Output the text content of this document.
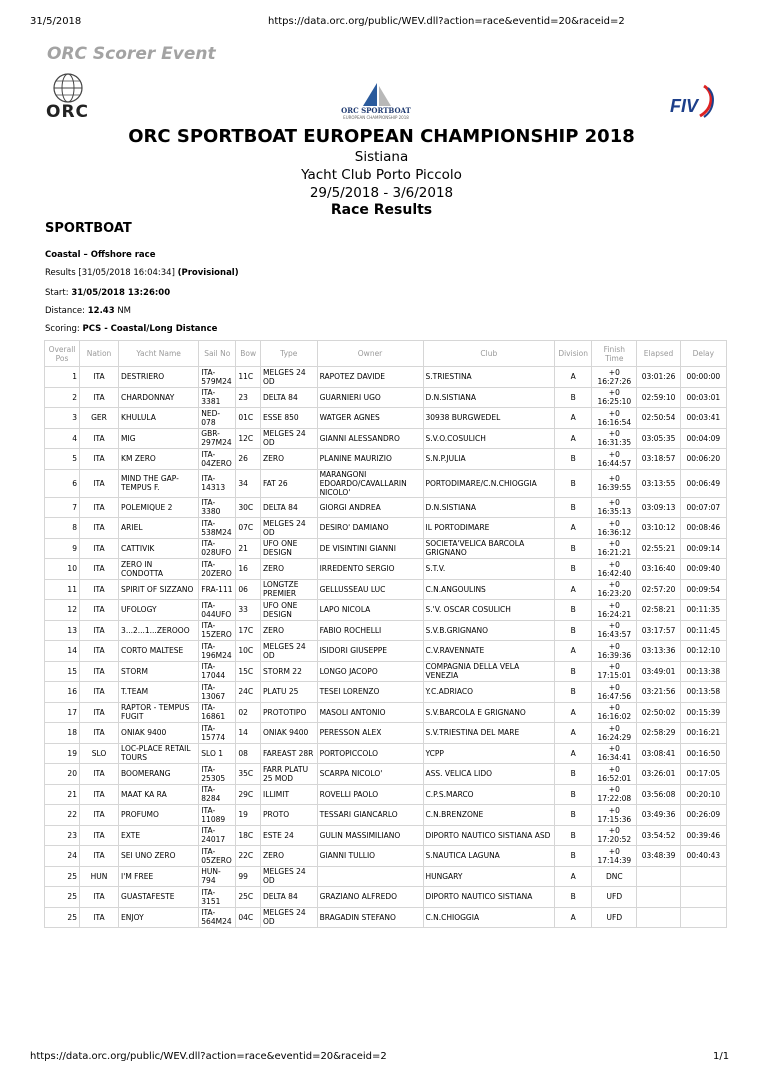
31/5/2018	https://data.orc.org/public/WEV.dll?action=race&eventid=20&raceid=2
ORC Scorer Event
ORC	ORC SPORTBOAT
EUROPEAN CHAMPIONSHIP 2018
FIV
ORC SPORTBOAT EUROPEAN CHAMPIONSHIP 2018
Sistiana
Yacht Club Porto Piccolo
29/5/2018 - 3/6/2018
Race Results
SPORTBOAT
Coastal – Offshore race
Results [31/05/2018 16:04:34] (Provisional)
Start: 31/05/2018 13:26:00
Distance: 12.43 NM
Scoring: PCS - Coastal/Long Distance
Overall Pos	Nation	Yacht Name	Sail No	Bow	Type	Owner	Club	Division	Finish Time	Elapsed	Delay
1	ITA	DESTRIERO	ITA-579M24	11C	MELGES 24 OD	RAPOTEZ DAVIDE	S.TRIESTINA	A	+0 16:27:26	03:01:26	00:00:00
2	ITA	CHARDONNAY	ITA-3381	23	DELTA 84	GUARNIERI UGO	D.N.SISTIANA	B	+0 16:25:10	02:59:10	00:03:01
3	GER	KHULULA	NED-078	01C	ESSE 850	WATGER AGNES	30938 BURGWEDEL	A	+0 16:16:54	02:50:54	00:03:41
4	ITA	MIG	GBR-297M24	12C	MELGES 24 OD	GIANNI ALESSANDRO	S.V.O.COSULICH	A	+0 16:31:35	03:05:35	00:04:09
5	ITA	KM ZERO	ITA-04ZERO	26	ZERO	PLANINE MAURIZIO	S.N.P.JULIA	B	+0 16:44:57	03:18:57	00:06:20
6	ITA	MIND THE GAP-TEMPUS F.	ITA-14313	34	FAT 26	MARANGONI EDOARDO/CAVALLARIN NICOLO'	PORTODIMARE/C.N.CHIOGGIA	B	+0 16:39:55	03:13:55	00:06:49
7	ITA	POLEMIQUE 2	ITA-3380	30C	DELTA 84	GIORGI ANDREA	D.N.SISTIANA	B	+0 16:35:13	03:09:13	00:07:07
8	ITA	ARIEL	ITA-538M24	07C	MELGES 24 OD	DESIRO' DAMIANO	IL PORTODIMARE	A	+0 16:36:12	03:10:12	00:08:46
9	ITA	CATTIVIK	ITA-028UFO	21	UFO ONE DESIGN	DE VISINTINI GIANNI	SOCIETA'VELICA BARCOLA GRIGNANO	B	+0 16:21:21	02:55:21	00:09:14
10	ITA	ZERO IN CONDOTTA	ITA-20ZERO	16	ZERO	IRREDENTO SERGIO	S.T.V.	B	+0 16:42:40	03:16:40	00:09:40
11	ITA	SPIRIT OF SIZZANO	FRA-111	06	LONGTZE PREMIER	GELLUSSEAU LUC	C.N.ANGOULINS	A	+0 16:23:20	02:57:20	00:09:54
12	ITA	UFOLOGY	ITA-044UFO	33	UFO ONE DESIGN	LAPO NICOLA	S.'V. OSCAR COSULICH	B	+0 16:24:21	02:58:21	00:11:35
13	ITA	3...2...1...ZEROOO	ITA-15ZERO	17C	ZERO	FABIO ROCHELLI	S.V.B.GRIGNANO	B	+0 16:43:57	03:17:57	00:11:45
14	ITA	CORTO MALTESE	ITA-196M24	10C	MELGES 24 OD	ISIDORI GIUSEPPE	C.V.RAVENNATE	A	+0 16:39:36	03:13:36	00:12:10
15	ITA	STORM	ITA-17044	15C	STORM 22	LONGO JACOPO	COMPAGNIA DELLA VELA VENEZIA	B	+0 17:15:01	03:49:01	00:13:38
16	ITA	T.TEAM	ITA-13067	24C	PLATU 25	TESEI LORENZO	Y.C.ADRIACO	B	+0 16:47:56	03:21:56	00:13:58
17	ITA	RAPTOR - TEMPUS FUGIT	ITA-16861	02	PROTOTIPO	MASOLI ANTONIO	S.V.BARCOLA E GRIGNANO	A	+0 16:16:02	02:50:02	00:15:39
18	ITA	ONIAK 9400	ITA-15774	14	ONIAK 9400	PERESSON ALEX	S.V.TRIESTINA DEL MARE	A	+0 16:24:29	02:58:29	00:16:21
19	SLO	LOC-PLACE RETAIL TOURS	SLO 1	08	FAREAST 28R	PORTOPICCOLO	YCPP	A	+0 16:34:41	03:08:41	00:16:50
20	ITA	BOOMERANG	ITA-25305	35C	FARR PLATU 25 MOD	SCARPA NICOLO'	ASS. VELICA LIDO	B	+0 16:52:01	03:26:01	00:17:05
21	ITA	MAAT KA RA	ITA-8284	29C	ILLIMIT	ROVELLI PAOLO	C.P.S.MARCO	B	+0 17:22:08	03:56:08	00:20:10
22	ITA	PROFUMO	ITA-11089	19	PROTO	TESSARI GIANCARLO	C.N.BRENZONE	B	+0 17:15:36	03:49:36	00:26:09
23	ITA	EXTE	ITA-24017	18C	ESTE 24	GULIN MASSIMILIANO	DIPORTO NAUTICO SISTIANA ASD	B	+0 17:20:52	03:54:52	00:39:46
24	ITA	SEI UNO ZERO	ITA-05ZERO	22C	ZERO	GIANNI TULLIO	S.NAUTICA LAGUNA	B	+0 17:14:39	03:48:39	00:40:43
25	HUN	I'M FREE	HUN-794	99	MELGES 24 OD		HUNGARY	A	DNC		
25	ITA	GUASTAFESTE	ITA-3151	25C	DELTA 84	GRAZIANO ALFREDO	DIPORTO NAUTICO SISTIANA	B	UFD		
25	ITA	ENJOY	ITA-564M24	04C	MELGES 24 OD	BRAGADIN STEFANO	C.N.CHIOGGIA	A	UFD		
https://data.orc.org/public/WEV.dll?action=race&eventid=20&raceid=2	1/1
